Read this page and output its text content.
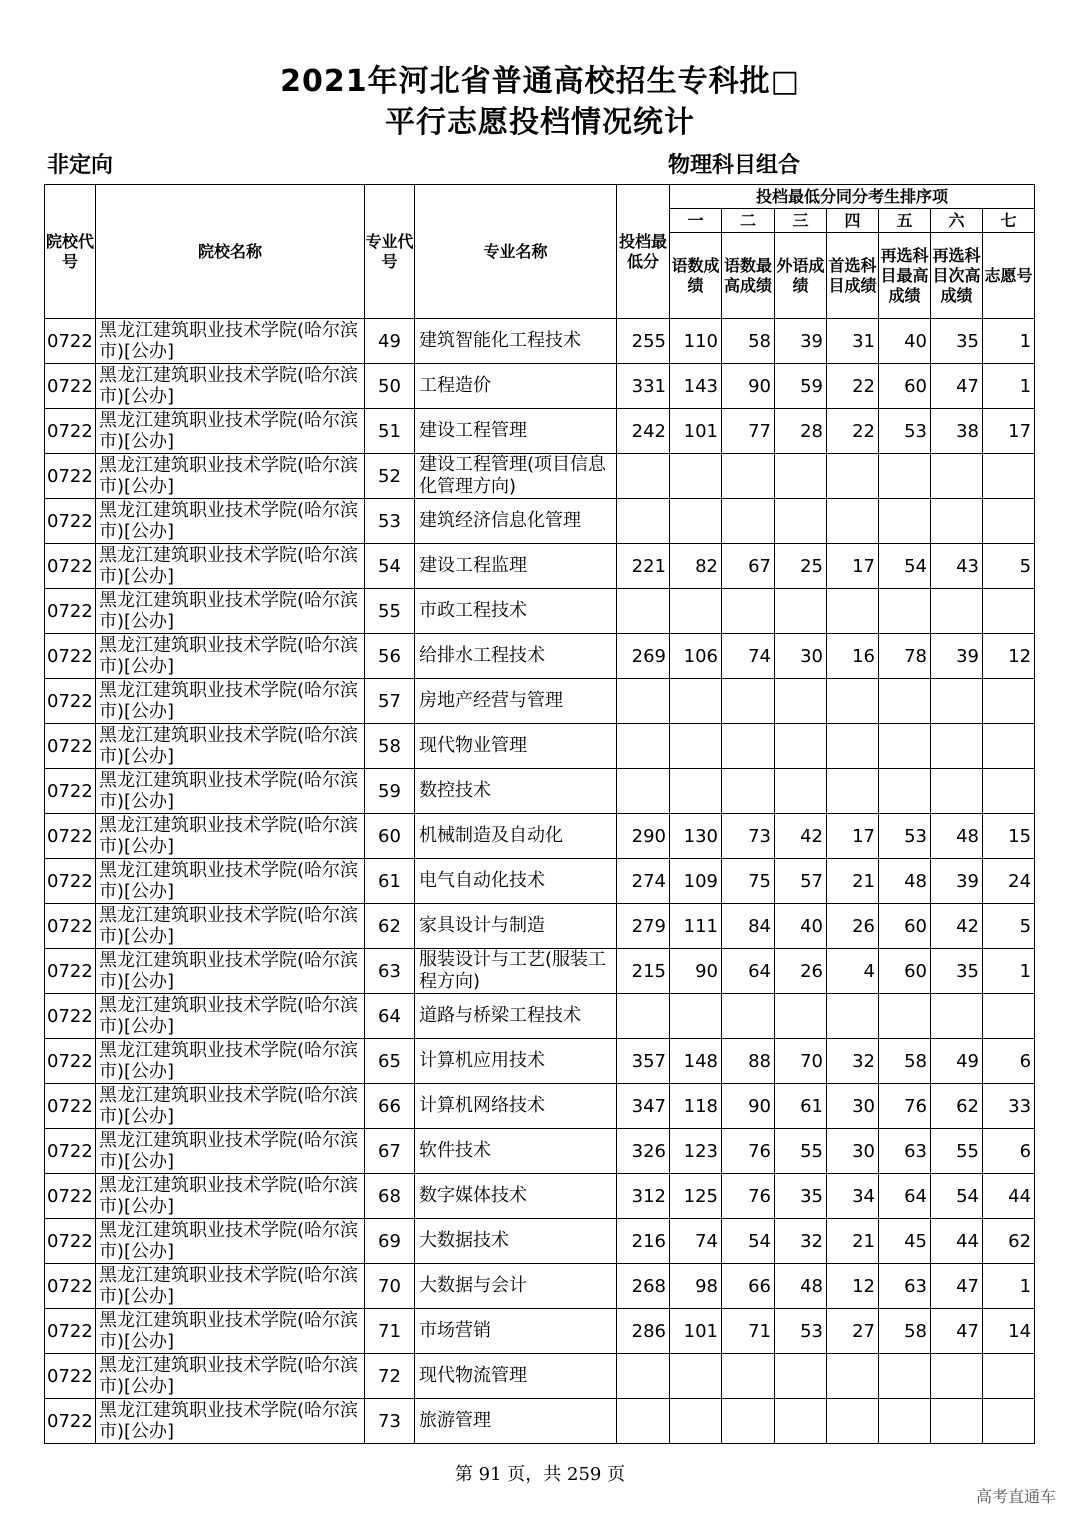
2021年河北省普通高校招生专科批□
平行志愿投档情况统计
非定向	物理科目组合
院校代号	院校名称	专业代号	专业名称	投档最低分	投档最低分同分考生排序项						
					一	二	三	四	五	六	七
					语数成绩	语数最高成绩	外语成绩	首选科目成绩	再选科目最高成绩	再选科目次高成绩	志愿号
0722	黑龙江建筑职业技术学院(哈尔滨市)[公办]	49	建筑智能化工程技术	255	110	58	39	31	40	35	1
0722	黑龙江建筑职业技术学院(哈尔滨市)[公办]	50	工程造价	331	143	90	59	22	60	47	1
0722	黑龙江建筑职业技术学院(哈尔滨市)[公办]	51	建设工程管理	242	101	77	28	22	53	38	17
0722	黑龙江建筑职业技术学院(哈尔滨市)[公办]	52	建设工程管理(项目信息化管理方向)								
0722	黑龙江建筑职业技术学院(哈尔滨市)[公办]	53	建筑经济信息化管理								
0722	黑龙江建筑职业技术学院(哈尔滨市)[公办]	54	建设工程监理	221	82	67	25	17	54	43	5
0722	黑龙江建筑职业技术学院(哈尔滨市)[公办]	55	市政工程技术								
0722	黑龙江建筑职业技术学院(哈尔滨市)[公办]	56	给排水工程技术	269	106	74	30	16	78	39	12
0722	黑龙江建筑职业技术学院(哈尔滨市)[公办]	57	房地产经营与管理								
0722	黑龙江建筑职业技术学院(哈尔滨市)[公办]	58	现代物业管理								
0722	黑龙江建筑职业技术学院(哈尔滨市)[公办]	59	数控技术								
0722	黑龙江建筑职业技术学院(哈尔滨市)[公办]	60	机械制造及自动化	290	130	73	42	17	53	48	15
0722	黑龙江建筑职业技术学院(哈尔滨市)[公办]	61	电气自动化技术	274	109	75	57	21	48	39	24
0722	黑龙江建筑职业技术学院(哈尔滨市)[公办]	62	家具设计与制造	279	111	84	40	26	60	42	5
0722	黑龙江建筑职业技术学院(哈尔滨市)[公办]	63	服装设计与工艺(服装工程方向)	215	90	64	26	4	60	35	1
0722	黑龙江建筑职业技术学院(哈尔滨市)[公办]	64	道路与桥梁工程技术								
0722	黑龙江建筑职业技术学院(哈尔滨市)[公办]	65	计算机应用技术	357	148	88	70	32	58	49	6
0722	黑龙江建筑职业技术学院(哈尔滨市)[公办]	66	计算机网络技术	347	118	90	61	30	76	62	33
0722	黑龙江建筑职业技术学院(哈尔滨市)[公办]	67	软件技术	326	123	76	55	30	63	55	6
0722	黑龙江建筑职业技术学院(哈尔滨市)[公办]	68	数字媒体技术	312	125	76	35	34	64	54	44
0722	黑龙江建筑职业技术学院(哈尔滨市)[公办]	69	大数据技术	216	74	54	32	21	45	44	62
0722	黑龙江建筑职业技术学院(哈尔滨市)[公办]	70	大数据与会计	268	98	66	48	12	63	47	1
0722	黑龙江建筑职业技术学院(哈尔滨市)[公办]	71	市场营销	286	101	71	53	27	58	47	14
0722	黑龙江建筑职业技术学院(哈尔滨市)[公办]	72	现代物流管理								
0722	黑龙江建筑职业技术学院(哈尔滨市)[公办]	73	旅游管理								
第 91 页，共 259 页
高考直通车
